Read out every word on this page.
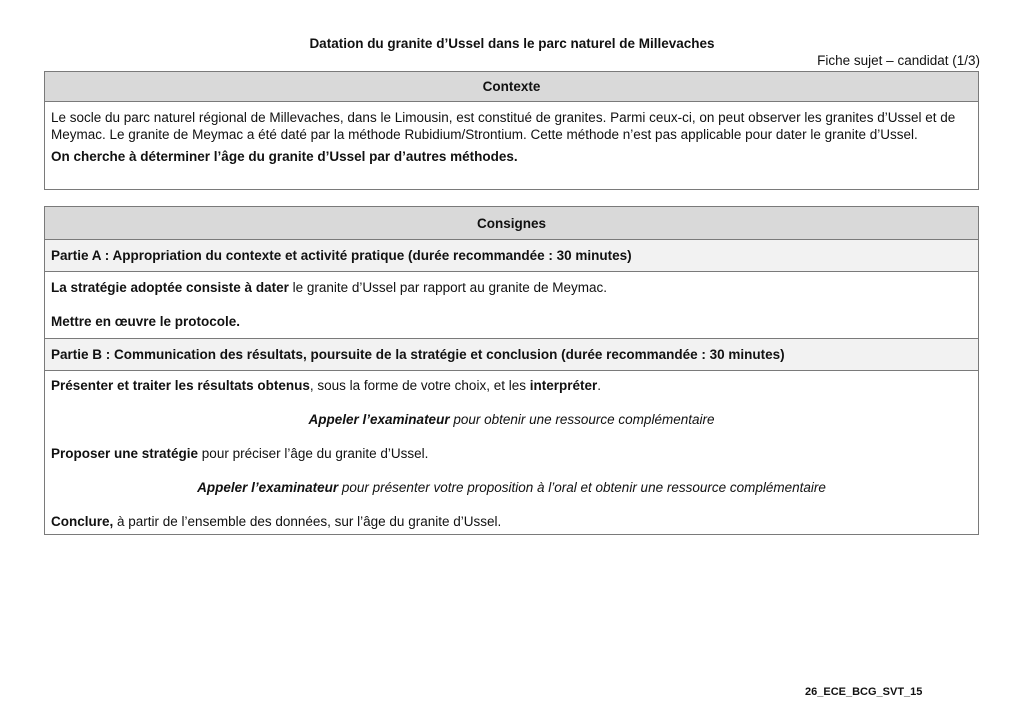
Datation du granite d’Ussel dans le parc naturel de Millevaches
Fiche sujet – candidat (1/3)
Contexte

Le socle du parc naturel régional de Millevaches, dans le Limousin, est constitué de granites. Parmi ceux-ci, on peut observer les granites d’Ussel et de Meymac. Le granite de Meymac a été daté par la méthode Rubidium/Strontium. Cette méthode n’est pas applicable pour dater le granite d’Ussel.

On cherche à déterminer l’âge du granite d’Ussel par d’autres méthodes.

Consignes
Partie A : Appropriation du contexte et activité pratique (durée recommandée : 30 minutes)

La stratégie adoptée consiste à dater le granite d’Ussel par rapport au granite de Meymac.

Mettre en œuvre le protocole.

Partie B : Communication des résultats, poursuite de la stratégie et conclusion (durée recommandée : 30 minutes)

Présenter et traiter les résultats obtenus, sous la forme de votre choix, et les interpréter.

Appeler l’examinateur pour obtenir une ressource complémentaire

Proposer une stratégie pour préciser l’âge du granite d’Ussel.

Appeler l’examinateur pour présenter votre proposition à l’oral et obtenir une ressource complémentaire

Conclure, à partir de l’ensemble des données, sur l’âge du granite d’Ussel.

26_ECE_BCG_SVT_15
